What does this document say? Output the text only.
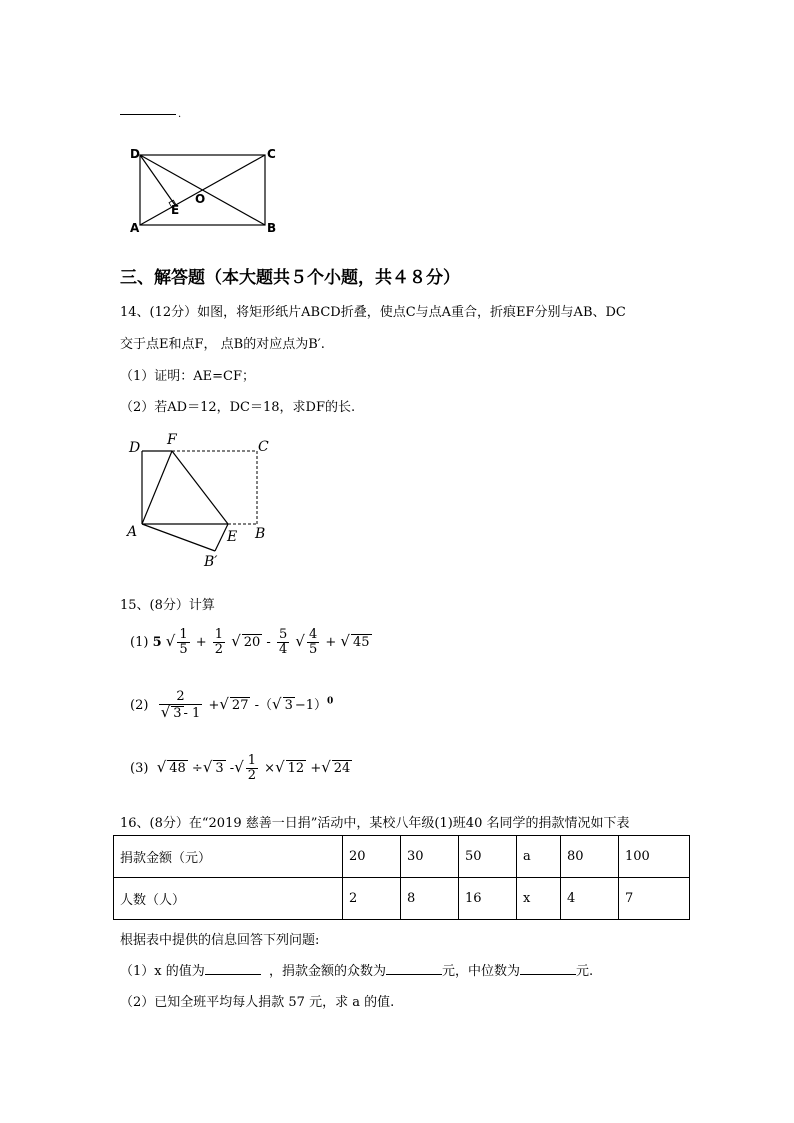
.
D	C
A	B
O
E
三、解答题（本大题共５个小题，共４８分）
14、(12分）如图，将矩形纸片ABCD折叠，使点C与点A重合，折痕EF分别与AB、DC
交于点E和点F， 点B的对应点为B′.
（1）证明：AE=CF；
（2）若AD＝12，DC＝18，求DF的长.
D F	C
A	E B
B′
15、(8分）计算
(1) 5 √ $\frac{1}{5} + \frac{1}{2}$ √ $20 - \frac{5}{4}$ √ $\frac{4}{5}$ + √ 45
$(2) \frac{2}{√ 3 - 1}$ +√ 27 -（√ 3 −1）$^0$
(3) √ 48 ÷√ 3 -√ $\frac{1}{2}$ ×√ 12 +√ 24
16、(8分）在“2019 慈善一日捐”活动中，某校八年级(1)班40 名同学的捐款情况如下表
捐款金额（元）	20	30	50	a	80	100
人数（人）	2	8	16	x	4	7
根据表中提供的信息回答下列问题:
（1）x 的值为	，捐款金额的众数为	元，中位数为	元.
（2）已知全班平均每人捐款 57 元，求 a 的值.
